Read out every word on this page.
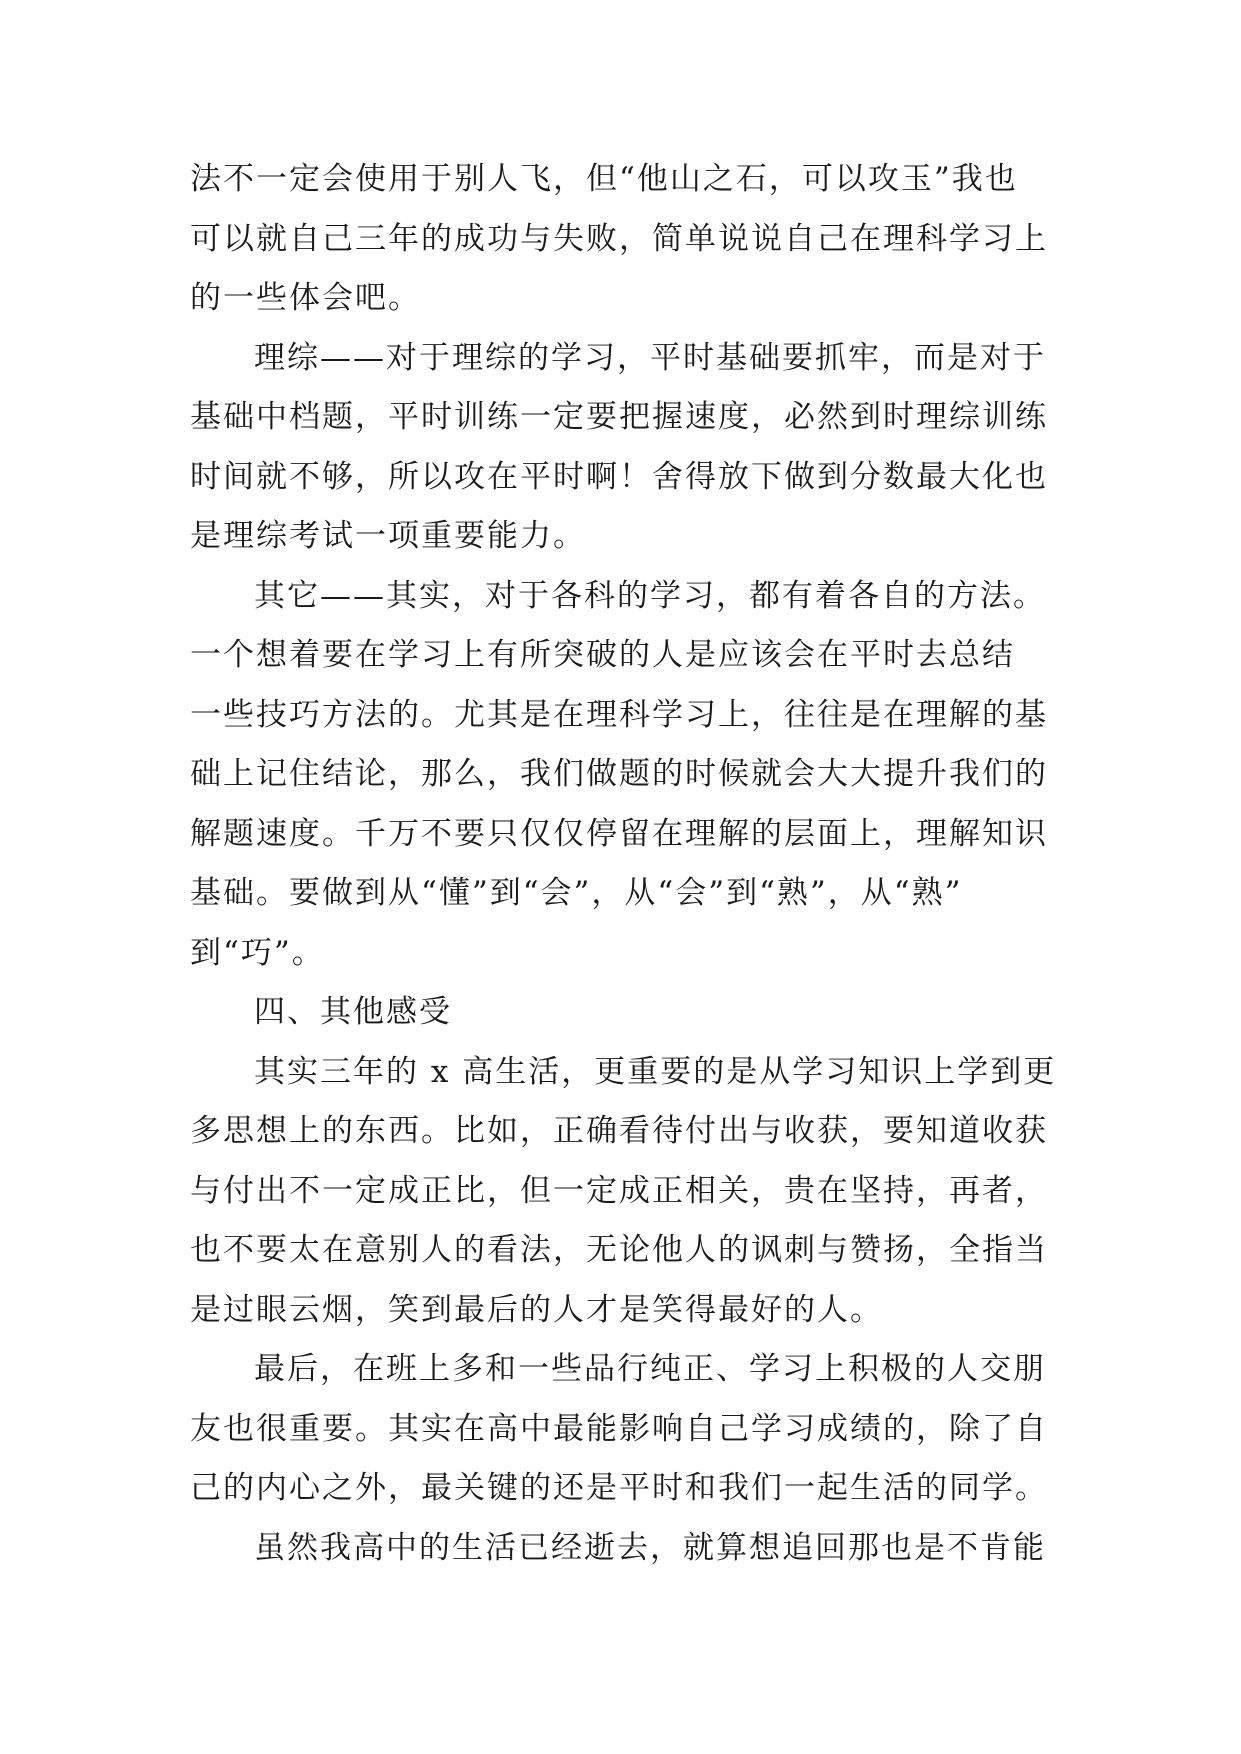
法不一定会使用于别人飞，但“他山之石，可以攻玉”我也
可以就自己三年的成功与失败，简单说说自己在理科学习上
的一些体会吧。
理综——对于理综的学习，平时基础要抓牢，而是对于
基础中档题，平时训练一定要把握速度，必然到时理综训练
时间就不够，所以攻在平时啊！舍得放下做到分数最大化也
是理综考试一项重要能力。
其它——其实，对于各科的学习，都有着各自的方法。
一个想着要在学习上有所突破的人是应该会在平时去总结
一些技巧方法的。尤其是在理科学习上，往往是在理解的基
础上记住结论，那么，我们做题的时候就会大大提升我们的
解题速度。千万不要只仅仅停留在理解的层面上，理解知识
基础。要做到从“懂”到“会”，从“会”到“熟”，从“熟”
到“巧”。
四、其他感受
其实三年的 x 高生活，更重要的是从学习知识上学到更
多思想上的东西。比如，正确看待付出与收获，要知道收获
与付出不一定成正比，但一定成正相关，贵在坚持，再者，
也不要太在意别人的看法，无论他人的讽刺与赞扬，全指当
是过眼云烟，笑到最后的人才是笑得最好的人。
最后，在班上多和一些品行纯正、学习上积极的人交朋
友也很重要。其实在高中最能影响自己学习成绩的，除了自
己的内心之外，最关键的还是平时和我们一起生活的同学。
虽然我高中的生活已经逝去，就算想追回那也是不肯能
